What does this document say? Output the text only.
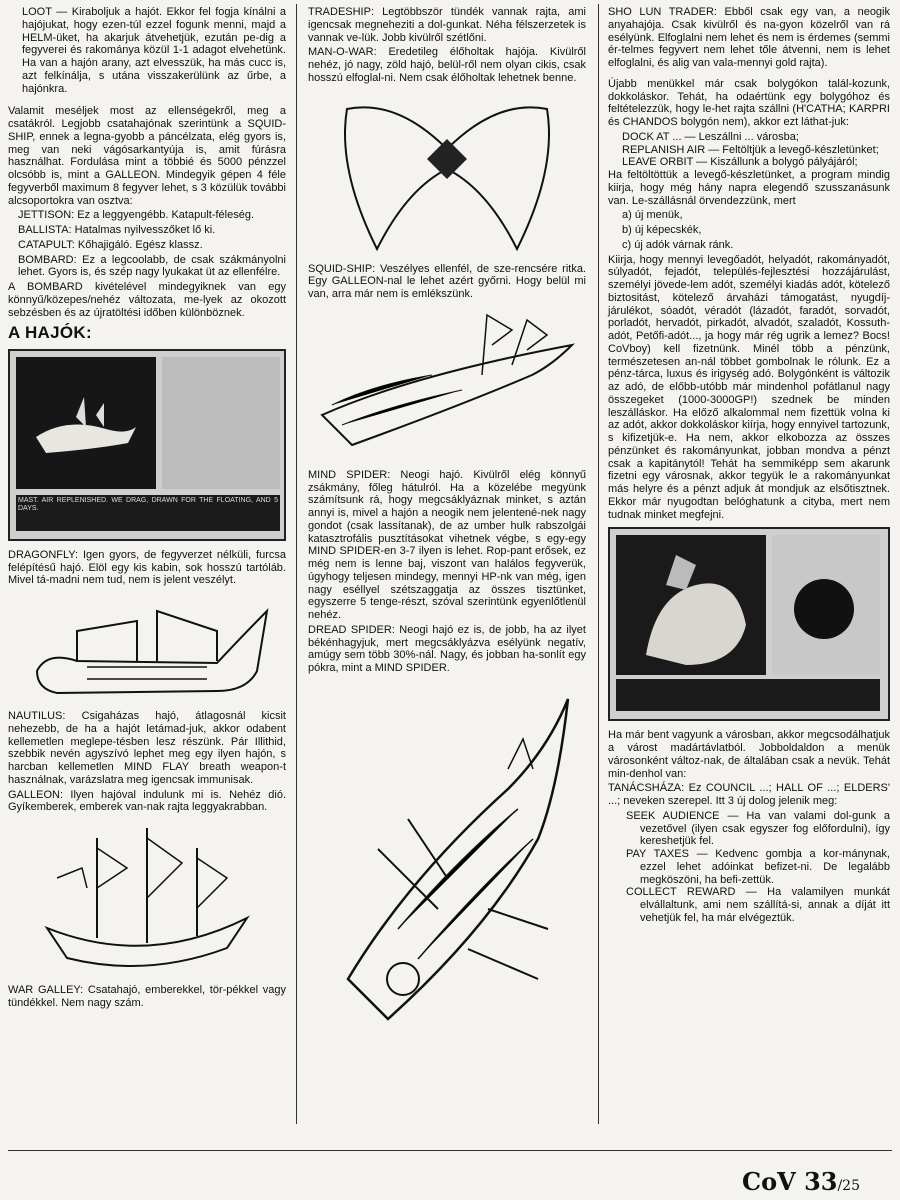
LOOT — Kiraboljuk a hajót. Ekkor fel fogja kínálni a hajójukat, hogy ezen-túl ezzel fogunk menni, majd a HELM-üket, ha akarjuk átvehetjük, ezután pe-dig a fegyverei és rakománya közül 1-1 adagot elvehetünk. Ha van a hajón arany, azt elvesszük, ha más cucc is, azt felkínálja, s utána visszakerülünk az űrbe, a hajónkra.

Valamit meséljek most az ellenségekről, meg a csatákról. Legjobb csatahajónak szerintünk a SQUID-SHIP, ennek a legna-gyobb a páncélzata, elég gyors is, meg van neki vágósarkantyúja is, amit fúrásra használhat. Fordulása mint a többié és 5000 pénzzel olcsóbb is, mint a GALLEON. Mindegyik gépen 4 féle fegyverből maximum 8 fegyver lehet, s 3 közülük további alcsoportokra van osztva:

JETTISON: Ez a leggyengébb. Katapult-féleség.

BALLISTA: Hatalmas nyilvesszőket lő ki.

CATAPULT: Kőhajigáló. Egész klassz.

BOMBARD: Ez a legcoolabb, de csak szákmányolni lehet. Gyors is, és szép nagy lyukakat üt az ellenfélre.

A BOMBARD kivételével mindegyiknek van egy könnyű/közepes/nehéz változata, me-lyek az okozott sebzésben és az újratöltési időben különböznek.

A HAJÓK:
MAST. AIR REPLENISHED. WE DRAG, DRAWN FOR THE FLOATING, AND 5 DAYS.

DRAGONFLY: Igen gyors, de fegyverzet nélküli, furcsa felépítésű hajó. Elöl egy kis kabin, sok hosszú tartóláb. Mivel tá-madni nem tud, nem is jelent veszélyt.

NAUTILUS: Csigaházas hajó, átlagosnál kicsit nehezebb, de ha a hajót letámad-juk, akkor odabent kellemetlen meglepe-tésben lesz részünk. Pár Illithid, szebbik nevén agyszívó lephet meg egy ilyen hajón, s harcban kellemetlen MIND FLAY breath weapon-t használnak, varázslatra meg igencsak immunisak.

GALLEON: Ilyen hajóval indulunk mi is. Nehéz dió. Gyíkemberek, emberek van-nak rajta leggyakrabban.

WAR GALLEY: Csatahajó, emberekkel, tör-pékkel vagy tündékkel. Nem nagy szám.

TRADESHIP: Legtöbbször tündék vannak rajta, ami igencsak megneheziti a dol-gunkat. Néha félszerzetek is vannak ve-lük. Jobb kivülről szétlőni.

MAN-O-WAR: Eredetileg élőholtak hajója. Kivülről nehéz, jó nagy, zöld hajó, belül-ről nem olyan cikis, csak hosszú elfoglal-ni. Nem csak élőholtak lehetnek benne.

SQUID-SHIP: Veszélyes ellenfél, de sze-rencsére ritka. Egy GALLEON-nal le lehet azért győrni. Hogy belül mi van, arra már nem is emlékszünk.

MIND SPIDER: Neogi hajó. Kivülről elég könnyű zsákmány, főleg hátulról. Ha a közelébe megyünk számítsunk rá, hogy megcsáklyáznak minket, s aztán annyi is, mivel a hajón a neogik nem jelentené-nek nagy gondot (csak lassítanak), de az umber hulk rabszolgái katasztrofális pusztításokat vihetnek végbe, s egy-egy MIND SPIDER-en 3-7 ilyen is lehet. Rop-pant erősek, ez még nem is lenne baj, viszont van halálos fegyverük, úgyhogy teljesen mindegy, mennyi HP-nk van még, igen nagy eséllyel szétszaggatja az összes tisztünket, egyszerre 5 tenge-részt, szóval szerintünk egyenlőtlenül nehéz.

DREAD SPIDER: Neogi hajó ez is, de jobb, ha az ilyet békénhagyjuk, mert megcsáklyázva esélyünk negatív, amúgy sem több 30%-nál. Nagy, és jobban ha-sonlít egy pókra, mint a MIND SPIDER.

SHO LUN TRADER: Ebből csak egy van, a neogik anyahajója. Csak kivülről és na-gyon közelről van rá esélyünk. Elfoglalni nem lehet és nem is érdemes (semmi ér-telmes fegyvert nem lehet tőle átvenni, nem is lehet elfoglalni, és alig van vala-mennyi gold rajta).

Újabb menükkel már csak bolygókon talál-kozunk, dokkoláskor. Tehát, ha odaértünk egy bolygóhoz és feltételezzük, hogy le-het rajta szállni (H'CATHA; KARPRI és CHANDOS bolygón nem), akkor ezt láthat-juk:

DOCK AT ... — Leszállni ... városba;

REPLANISH AIR — Feltöltjük a levegő-készletünket;

LEAVE ORBIT — Kiszállunk a bolygó pályájáról;

Ha feltöltöttük a levegő-készletünket, a program mindig kiirja, hogy még hány napra elegendő szusszanásunk van. Le-szállásnál örvendezzünk, mert

a) új menük,

b) új képecskék,

c) új adók várnak ránk.

Kiirja, hogy mennyi levegőadót, helyadót, rakományadót, súlyadót, fejadót, település-fejlesztési hozzájárulást, személyi jövede-lem adót, személyi kiadás adót, kötelező biztositást, kötelező árvaházi támogatást, nyugdíj-járulékot, sóadót, véradót (lázadót, faradót, sorvadót, porladót, hervadót, pirkadót, alvadót, szaladót, Kossuth-adót, Petőfi-adót..., ja hogy már rég ugrik a lemez? Bocs! CoVboy) kell fizetnünk. Minél több a pénzünk, természetesen an-nál többet gombolnak le rólunk. Ez a pénz-tárca, luxus és irigység adó. Bolygónként is változik az adó, de előbb-utóbb már mindenhol pofátlanul nagy összegeket (1000-3000GP!) szednek be minden leszálláskor. Ha előző alkalommal nem fizettük volna ki az adót, akkor dokkoláskor kiírja, hogy ennyivel tartozunk, s kifizetjük-e. Ha nem, akkor elkobozza az összes pénzünket és rakományunkat, jobban mondva a pénzt csak a kapitánytól! Tehát ha semmiképp sem akarunk fizetni egy városnak, akkor tegyük le a rakományunkat más helyre és a pénzt adjuk át mondjuk az elsőtisztnek. Ekkor már nyugodtan belóghatunk a cityba, mert nem tudnak minket megfejni.

Ha már bent vagyunk a városban, akkor megcsodálhatjuk a várost madártávlatból. Jobboldaldon a menük városonként változ-nak, de általában csak a nevük. Tehát min-denhol van:

TANÁCSHÁZA: Ez COUNCIL ...; HALL OF ...; ELDERS' ...; neveken szerepel. Itt 3 új dolog jelenik meg:

SEEK AUDIENCE — Ha van valami dol-gunk a vezetővel (ilyen csak egyszer fog előfordulni), így kereshetjük fel.

PAY TAXES — Kedvenc gombja a kor-mánynak, ezzel lehet adóinkat befizet-ni. De legalább megköszöni, ha befi-zettük.

COLLECT REWARD — Ha valamilyen munkát elvállaltunk, ami nem szállítá-si, annak a díját itt vehetjük fel, ha már elvégeztük.

CoV 33/25
